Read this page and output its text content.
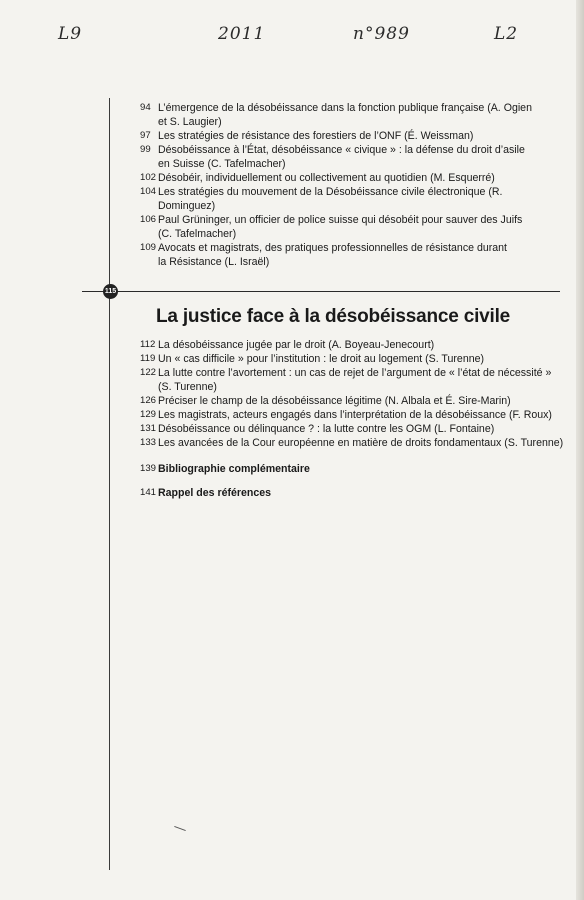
L9	2011	n°989	L2
115
94 L’émergence de la désobéissance dans la fonction publique française (A. Ogien
et S. Laugier)
97 Les stratégies de résistance des forestiers de l’ONF (É. Weissman)
99 Désobéissance à l’État, désobéissance « civique » : la défense du droit d’asile
en Suisse (C. Tafelmacher)
102 Désobéir, individuellement ou collectivement au quotidien (M. Esquerré)
104 Les stratégies du mouvement de la Désobéissance civile électronique (R.
Dominguez)
106 Paul Grüninger, un officier de police suisse qui désobéit pour sauver des Juifs
(C. Tafelmacher)
109 Avocats et magistrats, des pratiques professionnelles de résistance durant
la Résistance (L. Israël)
La justice face à la désobéissance civile
112 La désobéissance jugée par le droit (A. Boyeau-Jenecourt)
119 Un « cas difficile » pour l’institution : le droit au logement (S. Turenne)
122 La lutte contre l’avortement : un cas de rejet de l’argument de « l’état de nécessité »
(S. Turenne)
126 Préciser le champ de la désobéissance légitime (N. Albala et É. Sire-Marin)
129 Les magistrats, acteurs engagés dans l’interprétation de la désobéissance (F. Roux)
131 Désobéissance ou délinquance ? : la lutte contre les OGM (L. Fontaine)
133 Les avancées de la Cour européenne en matière de droits fondamentaux (S. Turenne)
139 Bibliographie complémentaire
141 Rappel des références
